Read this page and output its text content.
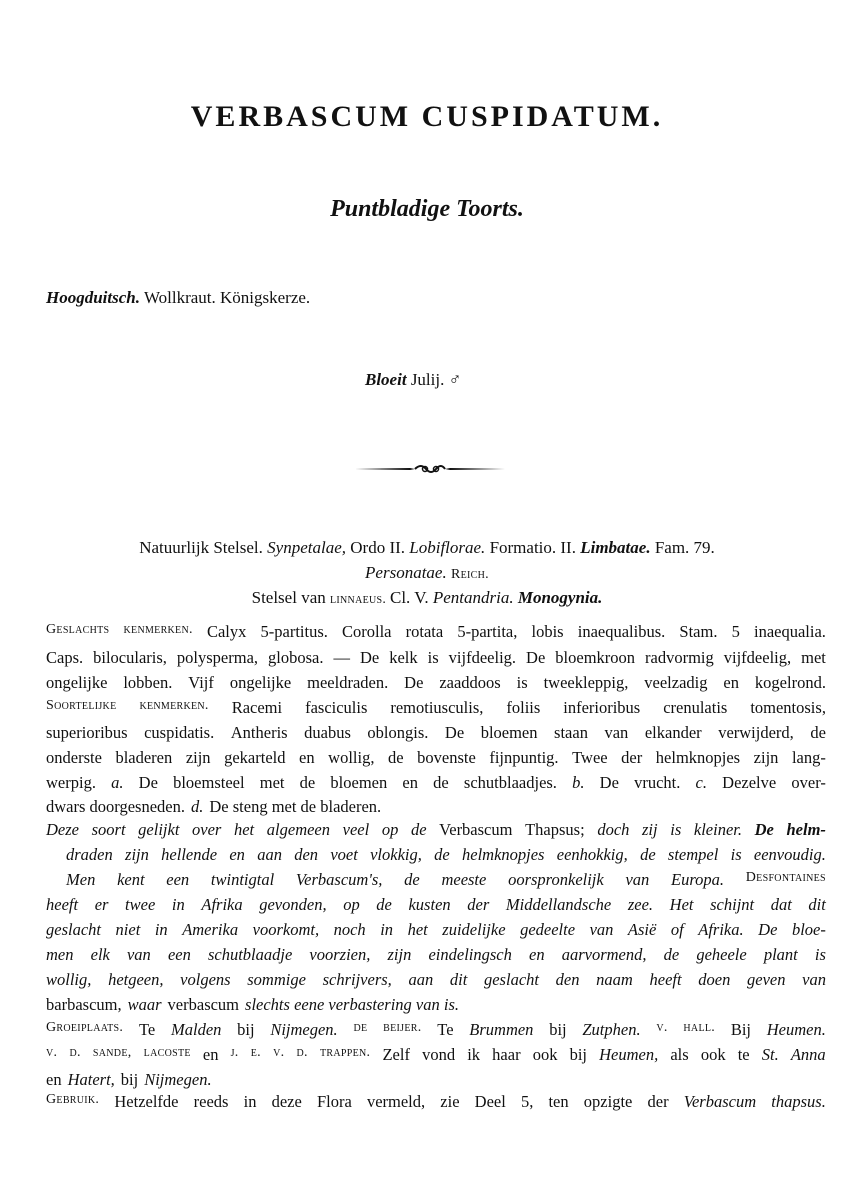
VERBASCUM CUSPIDATUM.
Puntbladige Toorts.
Hoogduitsch. Wollkraut. Königskerze.
Bloeit Julij. ♂
Natuurlijk Stelsel. Synpetalae, Ordo II. Lobiflorae. Formatio. II. Limbatae. Fam. 79.
Personatae. Reich.
Stelsel van linnaeus. Cl. V. Pentandria. Monogynia.
Geslachts kenmerken. Calyx 5-partitus. Corolla rotata 5-partita, lobis inaequalibus. Stam. 5 inaequalia.
Caps. bilocularis, polysperma, globosa. — De kelk is vijfdeelig. De bloemkroon radvormig vijfdeelig, met
ongelijke lobben. Vijf ongelijke meeldraden. De zaaddoos is tweekleppig, veelzadig en kogelrond.
Soortelijke kenmerken. Racemi fasciculis remotiusculis, foliis inferioribus crenulatis tomentosis,
superioribus cuspidatis. Antheris duabus oblongis. De bloemen staan van elkander verwijderd, de
onderste bladeren zijn gekarteld en wollig, de bovenste fijnpuntig. Twee der helmknopjes zijn lang-
werpig. a. De bloemsteel met de bloemen en de schutblaadjes. b. De vrucht. c. Dezelve over-
dwars doorgesneden. d. De steng met de bladeren.
Deze soort gelijkt over het algemeen veel op de Verbascum Thapsus; doch zij is kleiner. De helm-
draden zijn hellende en aan den voet vlokkig, de helmknopjes eenhokkig, de stempel is eenvoudig.
Men kent een twintigtal Verbascum's, de meeste oorspronkelijk van Europa. Desfontaines
heeft er twee in Afrika gevonden, op de kusten der Middellandsche zee. Het schijnt dat dit
geslacht niet in Amerika voorkomt, noch in het zuidelijke gedeelte van Asië of Afrika. De bloe-
men elk van een schutblaadje voorzien, zijn eindelingsch en aarvormend, de geheele plant is
wollig, hetgeen, volgens sommige schrijvers, aan dit geslacht den naam heeft doen geven van
barbascum, waar verbascum slechts eene verbastering van is.
Groeiplaats. Te Malden bij Nijmegen. de beijer. Te Brummen bij Zutphen. v. hall. Bij Heumen.
v. d. sande, lacoste en j. e. v. d. trappen. Zelf vond ik haar ook bij Heumen, als ook te St. Anna
en Hatert, bij Nijmegen.
Gebruik. Hetzelfde reeds in deze Flora vermeld, zie Deel 5, ten opzigte der Verbascum thapsus.
